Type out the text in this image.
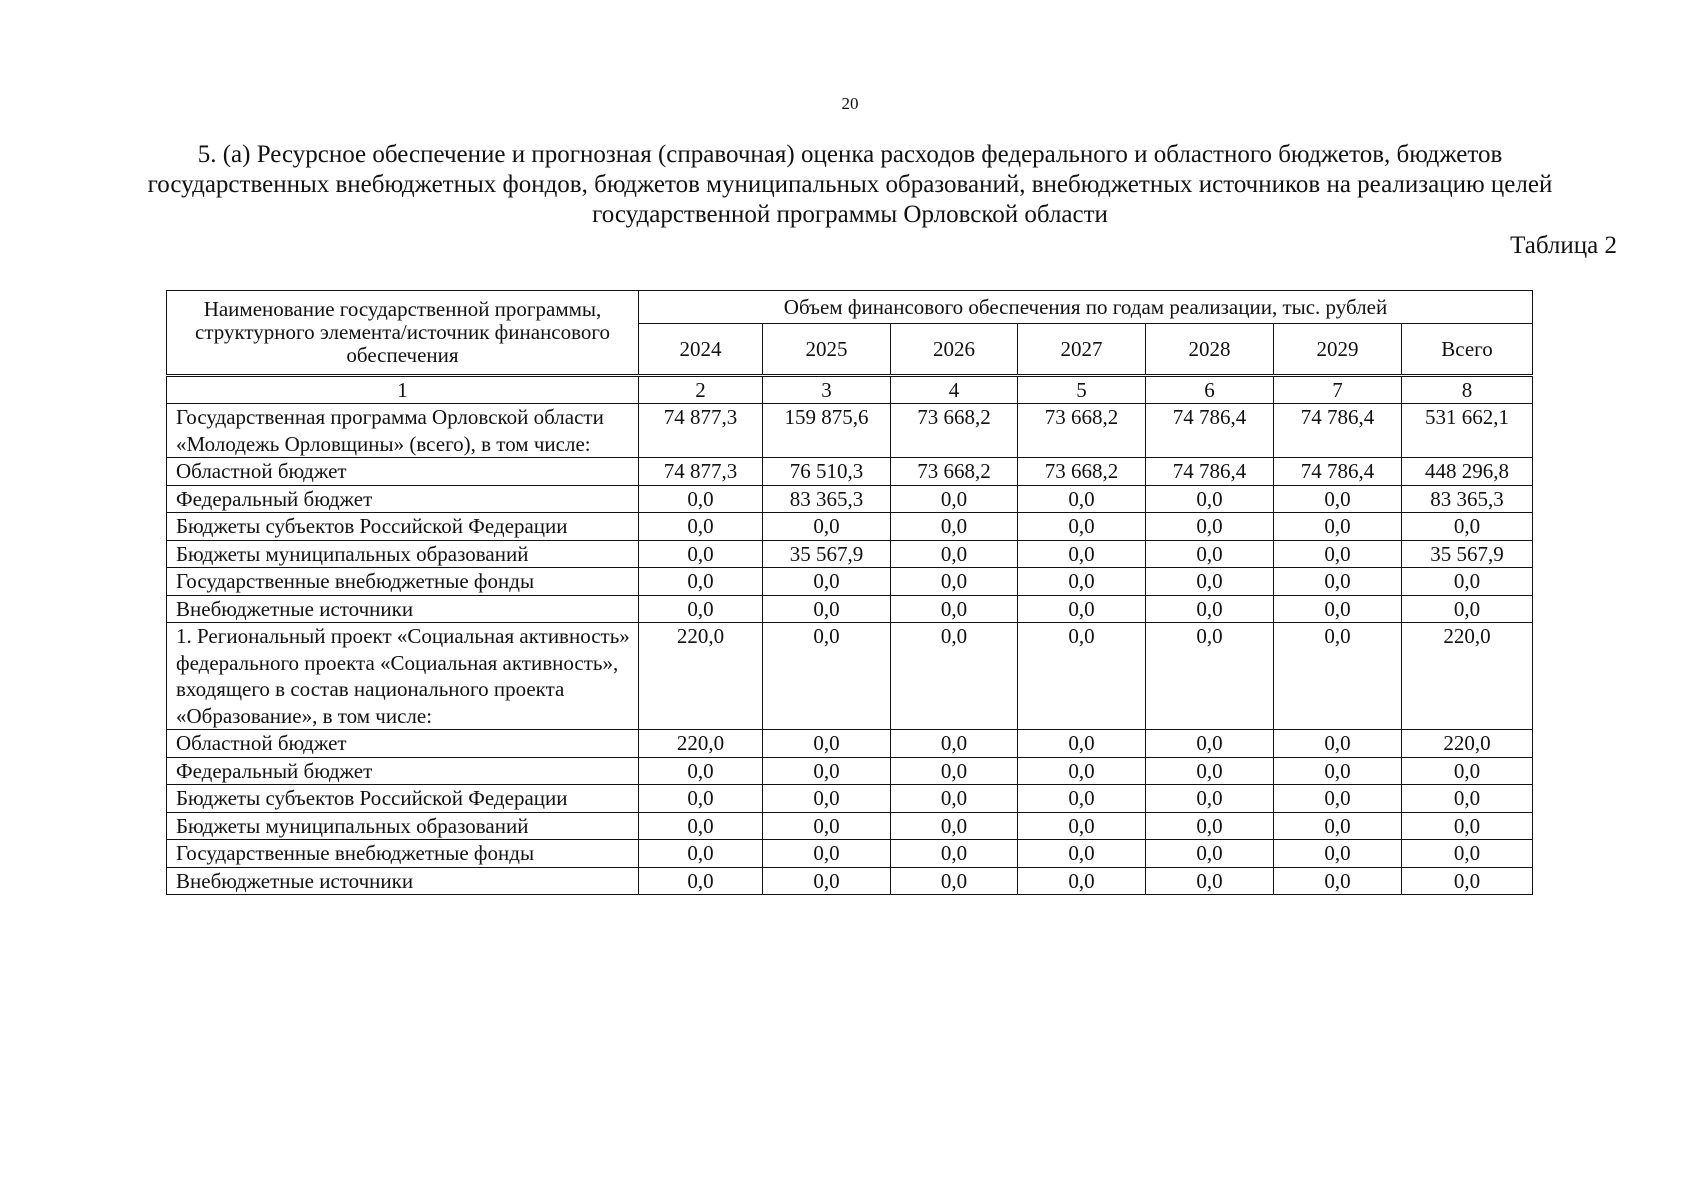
20
5. (а) Ресурсное обеспечение и прогнозная (справочная) оценка расходов федерального и областного бюджетов, бюджетов
государственных внебюджетных фондов, бюджетов муниципальных образований, внебюджетных источников на реализацию целей
государственной программы Орловской области
Таблица 2
Наименование государственной программы, структурного элемента/источник финансового обеспечения	Объем финансового обеспечения по годам реализации, тыс. рублей						
	2024	2025	2026	2027	2028	2029	Всего
1	2	3	4	5	6	7	8
Государственная программа Орловской области «Молодежь Орловщины» (всего), в том числе:	74 877,3	159 875,6	73 668,2	73 668,2	74 786,4	74 786,4	531 662,1
Областной бюджет	74 877,3	76 510,3	73 668,2	73 668,2	74 786,4	74 786,4	448 296,8
Федеральный бюджет	0,0	83 365,3	0,0	0,0	0,0	0,0	83 365,3
Бюджеты субъектов Российской Федерации	0,0	0,0	0,0	0,0	0,0	0,0	0,0
Бюджеты муниципальных образований	0,0	35 567,9	0,0	0,0	0,0	0,0	35 567,9
Государственные внебюджетные фонды	0,0	0,0	0,0	0,0	0,0	0,0	0,0
Внебюджетные источники	0,0	0,0	0,0	0,0	0,0	0,0	0,0
1. Региональный проект «Социальная активность» федерального проекта «Социальная активность», входящего в состав национального проекта «Образование», в том числе:	220,0	0,0	0,0	0,0	0,0	0,0	220,0
Областной бюджет	220,0	0,0	0,0	0,0	0,0	0,0	220,0
Федеральный бюджет	0,0	0,0	0,0	0,0	0,0	0,0	0,0
Бюджеты субъектов Российской Федерации	0,0	0,0	0,0	0,0	0,0	0,0	0,0
Бюджеты муниципальных образований	0,0	0,0	0,0	0,0	0,0	0,0	0,0
Государственные внебюджетные фонды	0,0	0,0	0,0	0,0	0,0	0,0	0,0
Внебюджетные источники	0,0	0,0	0,0	0,0	0,0	0,0	0,0
